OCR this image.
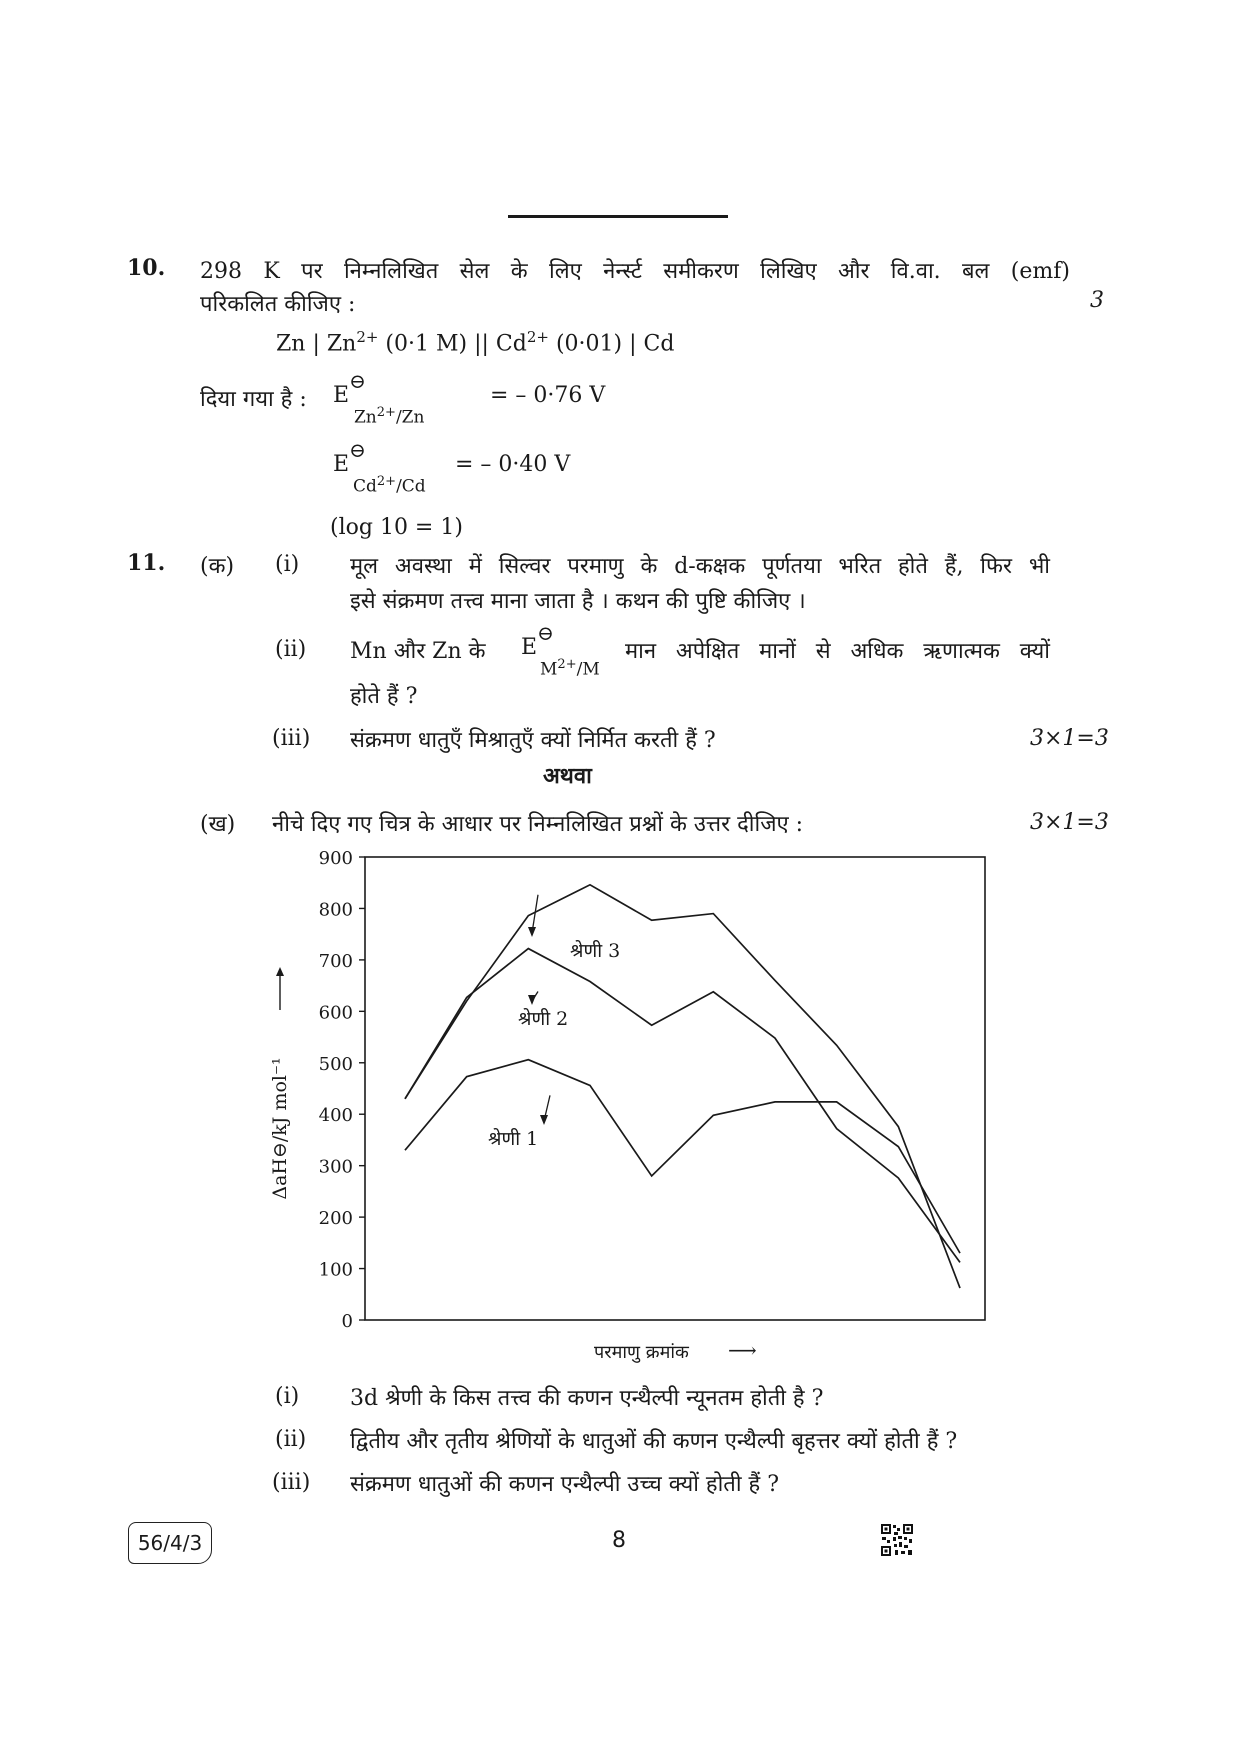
10. 298 K पर निम्नलिखित सेल के लिए नेर्न्स्ट समीकरण लिखिए और वि.वा. बल (emf)
परिकलित कीजिए :	3
Zn | $Zn^{2+}$ (0·1 M) || $Cd^{2+}$ (0·01) | Cd
दिया गया है : E⊖
$Zn^{2+}/Zn$
= – 0·76 V
E⊖
$Cd^{2+}/Cd$
= – 0·40 V
(log 10 = 1)
11. (क) (i) मूल अवस्था में सिल्वर परमाणु के d-कक्षक पूर्णतया भरित होते हैं, फिर भी
इसे संक्रमण तत्त्व माना जाता है । कथन की पुष्टि कीजिए ।
(ii) Mn और Zn के E⊖
$M^{2+}/M$
मान अपेक्षित मानों से अधिक ऋणात्मक क्यों
होते हैं ?
(iii) संक्रमण धातुएँ मिश्रातुएँ क्यों निर्मित करती हैं ?	3×1=3
अथवा
(ख) नीचे दिए गए चित्र के आधार पर निम्नलिखित प्रश्नों के उत्तर दीजिए :	3×1=3
0
100
200
300
400
500
600
700
800
900
ΔaH⊖/kJ mol⁻¹	श्रेणी 1
श्रेणी 2
श्रेणी 3
परमाणु क्रमांक ⟶
(i) 3d श्रेणी के किस तत्त्व की कणन एन्थैल्पी न्यूनतम होती है ?
(ii) द्वितीय और तृतीय श्रेणियों के धातुओं की कणन एन्थैल्पी बृहत्तर क्यों होती हैं ?
(iii) संक्रमण धातुओं की कणन एन्थैल्पी उच्च क्यों होती हैं ?
56/4/3	8
